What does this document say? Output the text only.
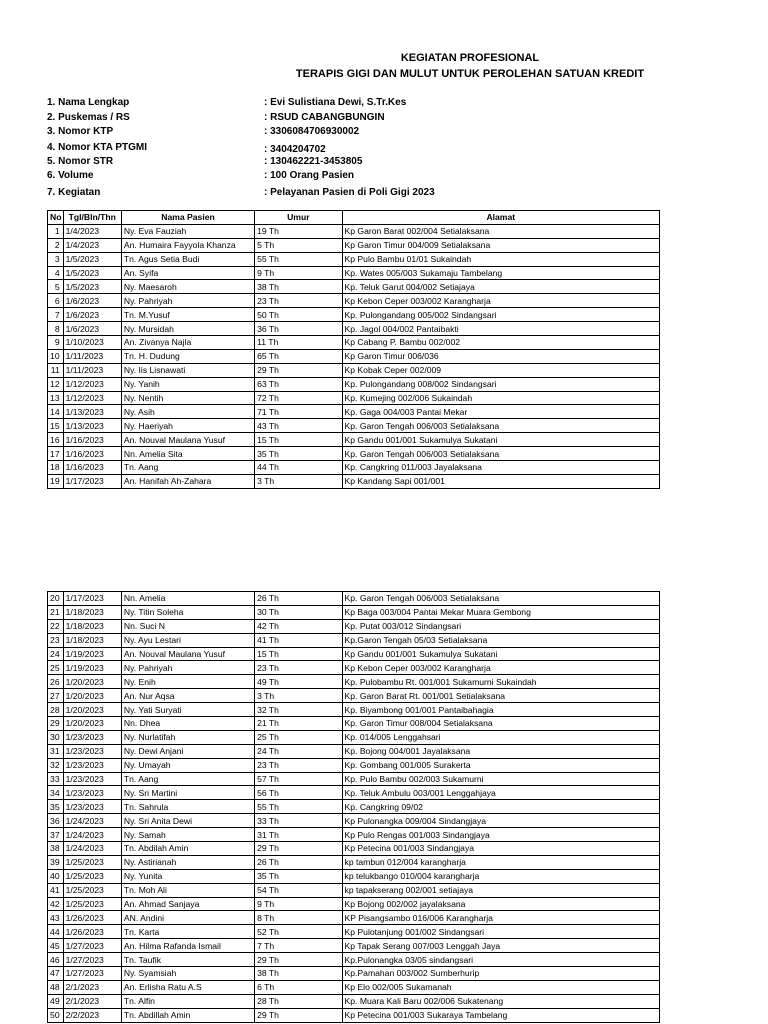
KEGIATAN PROFESIONAL
TERAPIS GIGI DAN MULUT UNTUK PEROLEHAN SATUAN KREDIT
1. Nama Lengkap	: Evi Sulistiana Dewi, S.Tr.Kes
2. Puskemas / RS	: RSUD CABANGBUNGIN
3. Nomor KTP	: 3306084706930002
4. Nomor KTA PTGMI	: 3404204702
5. Nomor STR	: 130462221-3453805
6. Volume	: 100 Orang Pasien
7. Kegiatan	: Pelayanan Pasien di Poli Gigi 2023
No	Tgl/Bln/Thn	Nama Pasien	Umur	Alamat
1	1/4/2023	Ny. Eva Fauziah	19 Th	Kp Garon Barat 002/004 Setialaksana
2	1/4/2023	An. Humaira Fayyola Khanza	5 Th	Kp Garon Timur 004/009 Setialaksana
3	1/5/2023	Tn. Agus Setia Budi	55 Th	Kp Pulo Bambu 01/01 Sukaindah
4	1/5/2023	An. Syifa	9 Th	Kp. Wates 005/003 Sukamaju Tambelang
5	1/5/2023	Ny. Maesaroh	38 Th	Kp. Teluk Garut 004/002 Setiajaya
6	1/6/2023	Ny. Pahriyah	23 Th	Kp Kebon Ceper 003/002 Karangharja
7	1/6/2023	Tn. M.Yusuf	50 Th	Kp. Pulongandang 005/002 Sindangsari
8	1/6/2023	Ny. Mursidah	36 Th	Kp. Jagol 004/002 Pantaibakti
9	1/10/2023	An. Zivanya Najla	11 Th	Kp Cabang P. Bambu 002/002
10	1/11/2023	Tn. H. Dudung	65 Th	Kp Garon Timur 006/036
11	1/11/2023	Ny. Iis Lisnawati	29 Th	Kp Kobak Ceper 002/009
12	1/12/2023	Ny. Yanih	63 Th	Kp. Pulongandang 008/002 Sindangsari
13	1/12/2023	Ny. Nentih	72 Th	Kp. Kumejing 002/006 Sukaindah
14	1/13/2023	Ny. Asih	71 Th	Kp. Gaga 004/003 Pantai Mekar
15	1/13/2023	Ny. Haeriyah	43 Th	Kp. Garon Tengah 006/003 Setialaksana
16	1/16/2023	An. Nouval Maulana Yusuf	15 Th	Kp Gandu 001/001 Sukamulya Sukatani
17	1/16/2023	Nn. Amelia Sita	35 Th	Kp. Garon Tengah 006/003 Setialaksana
18	1/16/2023	Tn. Aang	44 Th	Kp. Cangkring 011/003 Jayalaksana
19	1/17/2023	An. Hanifah Ah-Zahara	3 Th	Kp Kandang Sapi 001/001
20	1/17/2023	Nn. Amelia	26 Th	Kp. Garon Tengah 006/003 Setialaksana
21	1/18/2023	Ny. Titin Soleha	30 Th	Kp Baga 003/004 Pantai Mekar Muara Gembong
22	1/18/2023	Nn. Suci N	42 Th	Kp. Putat 003/012 Sindangsari
23	1/18/2023	Ny. Ayu Lestari	41 Th	Kp.Garon Tengah 05/03 Setialaksana
24	1/19/2023	An. Nouval Maulana Yusuf	15 Th	Kp Gandu 001/001 Sukamulya Sukatani
25	1/19/2023	Ny. Pahriyah	23 Th	Kp Kebon Ceper 003/002 Karangharja
26	1/20/2023	Ny. Enih	49 Th	Kp. Pulobambu Rt. 001/001 Sukamurni Sukaindah
27	1/20/2023	An. Nur Aqsa	3 Th	Kp. Garon Barat Rt. 001/001 Setialaksana
28	1/20/2023	Ny. Yati Suryati	32 Th	Kp. Biyambong 001/001 Pantaibahagia
29	1/20/2023	Nn. Dhea	21 Th	Kp. Garon Timur 008/004 Setialaksana
30	1/23/2023	Ny. Nurlatifah	25 Th	Kp. 014/005 Lenggahsari
31	1/23/2023	Ny. Dewi Anjani	24 Th	Kp. Bojong 004/001 Jayalaksana
32	1/23/2023	Ny. Umayah	23 Th	Kp. Gombang 001/005 Surakerta
33	1/23/2023	Tn. Aang	57 Th	Kp. Pulo Bambu 002/003 Sukamurni
34	1/23/2023	Ny. Sri Martini	56 Th	Kp. Teluk Ambulu 003/001 Lenggahjaya
35	1/23/2023	Tn. Sahrula	55 Th	Kp. Cangkring 09/02
36	1/24/2023	Ny. Sri Anita Dewi	33 Th	Kp Pulonangka 009/004 Sindangjaya
37	1/24/2023	Ny. Samah	31 Th	Kp Pulo Rengas 001/003 Sindangjaya
38	1/24/2023	Tn. Abdilah Amin	29 Th	Kp Petecina 001/003 Sindangjaya
39	1/25/2023	Ny. Astirianah	26 Th	kp tambun 012/004 karangharja
40	1/25/2023	Ny. Yunita	35 Th	kp telukbango 010/004 karangharja
41	1/25/2023	Tn. Moh Ali	54 Th	kp tapakserang 002/001 setiajaya
42	1/25/2023	An. Ahmad Sanjaya	9 Th	Kp Bojong 002/002 jayalaksana
43	1/26/2023	AN. Andini	8 Th	KP Pisangsambo 016/006 Karangharja
44	1/26/2023	Tn. Karta	52 Th	Kp Pulotanjung 001/002 Sindangsari
45	1/27/2023	An. Hilma Rafanda Ismail	7 Th	Kp Tapak Serang 007/003 Lenggah Jaya
46	1/27/2023	Tn. Taufik	29 Th	Kp.Pulonangka 03/05 sindangsari
47	1/27/2023	Ny. Syamsiah	38 Th	Kp.Pamahan 003/002 Sumberhurip
48	2/1/2023	An. Erlisha Ratu A.S	6 Th	Kp Elo 002/005 Sukamanah
49	2/1/2023	Tn. Alfin	28 Th	Kp. Muara Kali Baru 002/006 Sukatenang
50	2/2/2023	Tn. Abdillah Amin	29 Th	Kp Petecina 001/003 Sukaraya Tambelang
